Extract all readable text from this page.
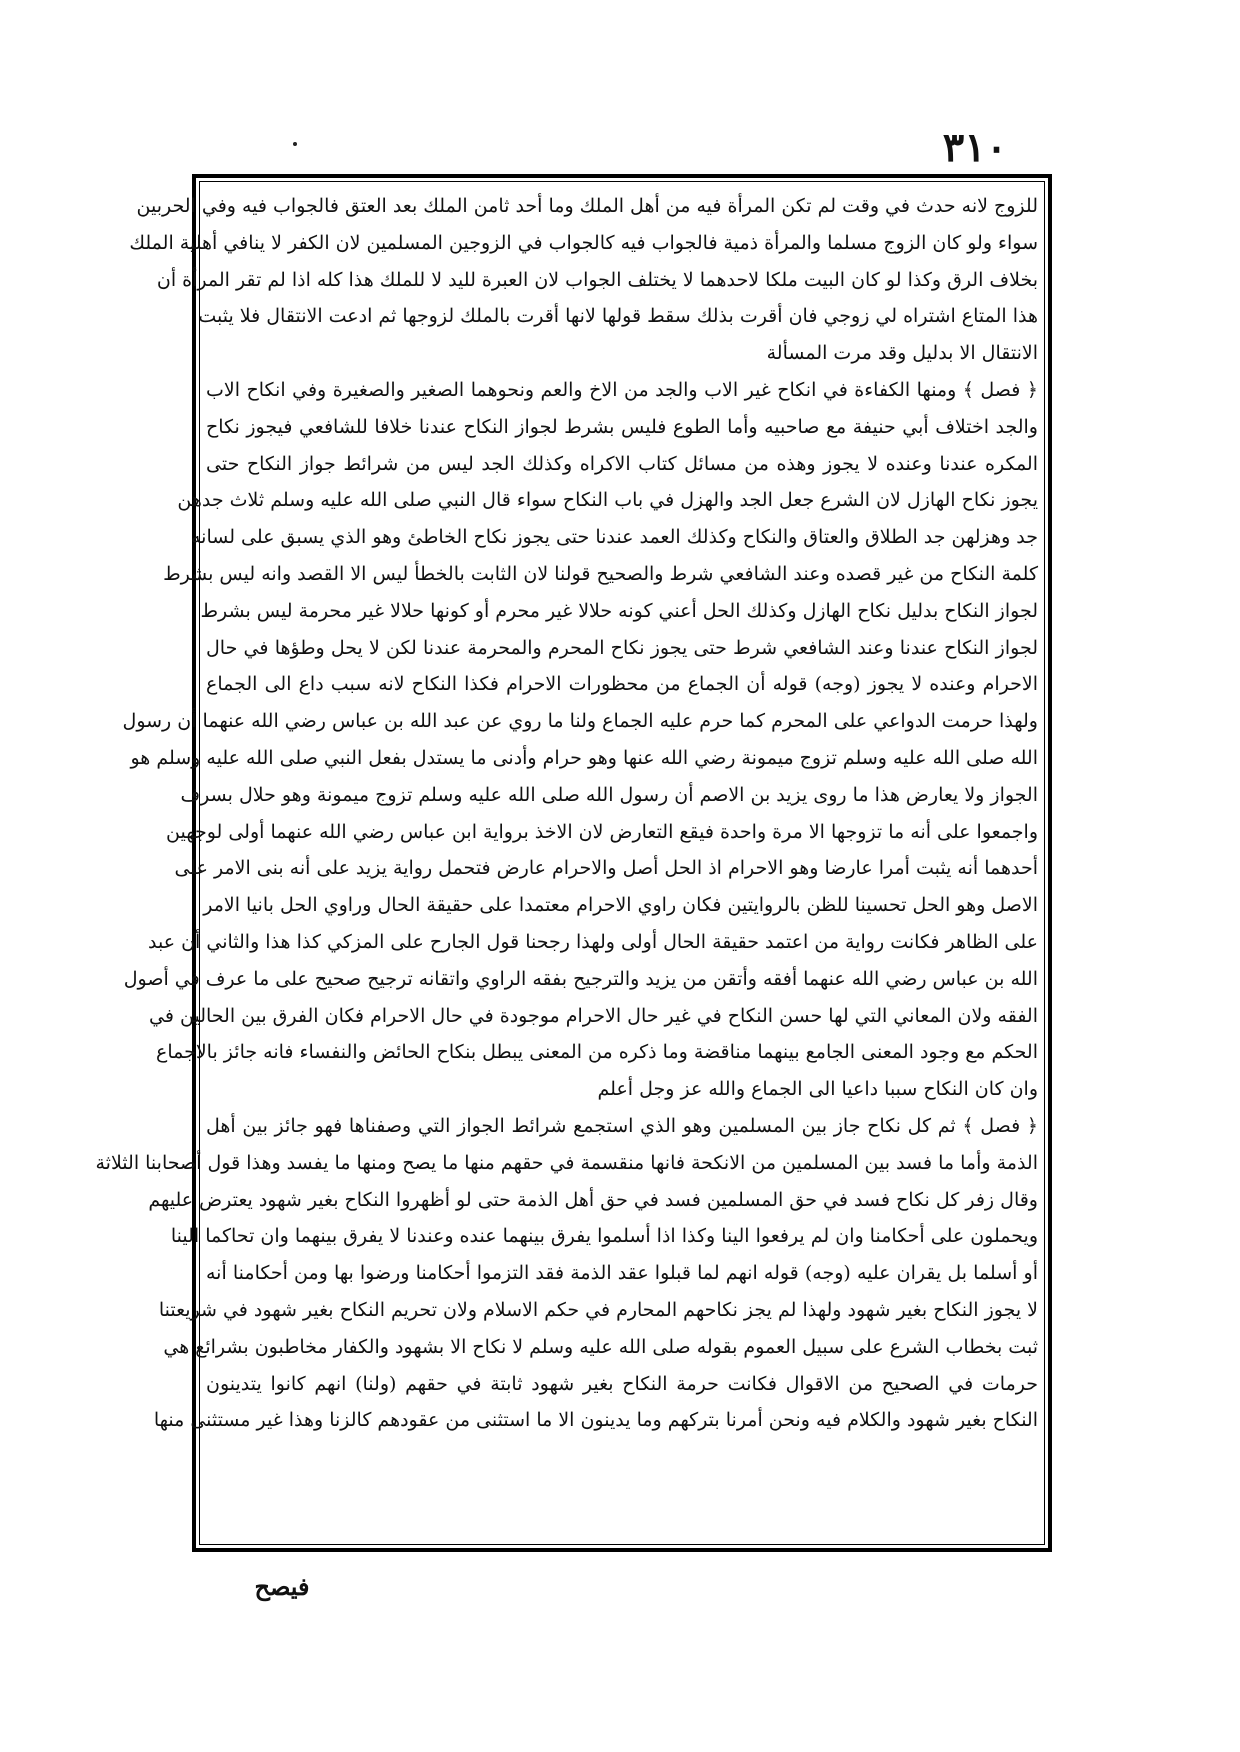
٣١٠
للزوج لانه حدث في وقت لم تكن المرأة فيه من أهل الملك وما أحد ثامن الملك بعد العتق فالجواب فيه وفي الحربين
سواء ولو كان الزوج مسلما والمرأة ذمية فالجواب فيه كالجواب في الزوجين المسلمين لان الكفر لا ينافي أهلية الملك
بخلاف الرق وكذا لو كان البيت ملكا لاحدهما لا يختلف الجواب لان العبرة لليد لا للملك هذا كله اذا لم تقر المرأة أن
هذا المتاع اشتراه لي زوجي فان أقرت بذلك سقط قولها لانها أقرت بالملك لزوجها ثم ادعت الانتقال فلا يثبت
الانتقال الا بدليل وقد مرت المسألة
﴿ فصل ﴾ ومنها الكفاءة في انكاح غير الاب والجد من الاخ والعم ونحوهما الصغير والصغيرة وفي انكاح الاب
والجد اختلاف أبي حنيفة مع صاحبيه وأما الطوع فليس بشرط لجواز النكاح عندنا خلافا للشافعي فيجوز نكاح
المكره عندنا وعنده لا يجوز وهذه من مسائل كتاب الاكراه وكذلك الجد ليس من شرائط جواز النكاح حتى
يجوز نكاح الهازل لان الشرع جعل الجد والهزل في باب النكاح سواء قال النبي صلى الله عليه وسلم ثلاث جدهن
جد وهزلهن جد الطلاق والعتاق والنكاح وكذلك العمد عندنا حتى يجوز نكاح الخاطئ وهو الذي يسبق على لسانه
كلمة النكاح من غير قصده وعند الشافعي شرط والصحيح قولنا لان الثابت بالخطأ ليس الا القصد وانه ليس بشرط
لجواز النكاح بدليل نكاح الهازل وكذلك الحل أعني كونه حلالا غير محرم أو كونها حلالا غير محرمة ليس بشرط
لجواز النكاح عندنا وعند الشافعي شرط حتى يجوز نكاح المحرم والمحرمة عندنا لكن لا يحل وطؤها في حال
الاحرام وعنده لا يجوز (وجه) قوله أن الجماع من محظورات الاحرام فكذا النكاح لانه سبب داع الى الجماع
ولهذا حرمت الدواعي على المحرم كما حرم عليه الجماع ولنا ما روي عن عبد الله بن عباس رضي الله عنهما أن رسول
الله صلى الله عليه وسلم تزوج ميمونة رضي الله عنها وهو حرام وأدنى ما يستدل بفعل النبي صلى الله عليه وسلم هو
الجواز ولا يعارض هذا ما روى يزيد بن الاصم أن رسول الله صلى الله عليه وسلم تزوج ميمونة وهو حلال بسرف
واجمعوا على أنه ما تزوجها الا مرة واحدة فيقع التعارض لان الاخذ برواية ابن عباس رضي الله عنهما أولى لوجهين
أحدهما أنه يثبت أمرا عارضا وهو الاحرام اذ الحل أصل والاحرام عارض فتحمل رواية يزيد على أنه بنى الامر على
الاصل وهو الحل تحسينا للظن بالروايتين فكان راوي الاحرام معتمدا على حقيقة الحال وراوي الحل بانيا الامر
على الظاهر فكانت رواية من اعتمد حقيقة الحال أولى ولهذا رجحنا قول الجارح على المزكي كذا هذا والثاني أن عبد
الله بن عباس رضي الله عنهما أفقه وأتقن من يزيد والترجيح بفقه الراوي واتقانه ترجيح صحيح على ما عرف في أصول
الفقه ولان المعاني التي لها حسن النكاح في غير حال الاحرام موجودة في حال الاحرام فكان الفرق بين الحالين في
الحكم مع وجود المعنى الجامع بينهما مناقضة وما ذكره من المعنى يبطل بنكاح الحائض والنفساء فانه جائز بالاجماع
وان كان النكاح سببا داعيا الى الجماع والله عز وجل أعلم
﴿ فصل ﴾ ثم كل نكاح جاز بين المسلمين وهو الذي استجمع شرائط الجواز التي وصفناها فهو جائز بين أهل
الذمة وأما ما فسد بين المسلمين من الانكحة فانها منقسمة في حقهم منها ما يصح ومنها ما يفسد وهذا قول أصحابنا الثلاثة
وقال زفر كل نكاح فسد في حق المسلمين فسد في حق أهل الذمة حتى لو أظهروا النكاح بغير شهود يعترض عليهم
ويحملون على أحكامنا وان لم يرفعوا الينا وكذا اذا أسلموا يفرق بينهما عنده وعندنا لا يفرق بينهما وان تحاكما الينا
أو أسلما بل يقران عليه (وجه) قوله انهم لما قبلوا عقد الذمة فقد التزموا أحكامنا ورضوا بها ومن أحكامنا أنه
لا يجوز النكاح بغير شهود ولهذا لم يجز نكاحهم المحارم في حكم الاسلام ولان تحريم النكاح بغير شهود في شريعتنا
ثبت بخطاب الشرع على سبيل العموم بقوله صلى الله عليه وسلم لا نكاح الا بشهود والكفار مخاطبون بشرائع هي
حرمات في الصحيح من الاقوال فكانت حرمة النكاح بغير شهود ثابتة في حقهم (ولنا) انهم كانوا يتدينون
النكاح بغير شهود والكلام فيه ونحن أمرنا بتركهم وما يدينون الا ما استثنى من عقودهم كالزنا وهذا غير مستثنى منها
فيصح
